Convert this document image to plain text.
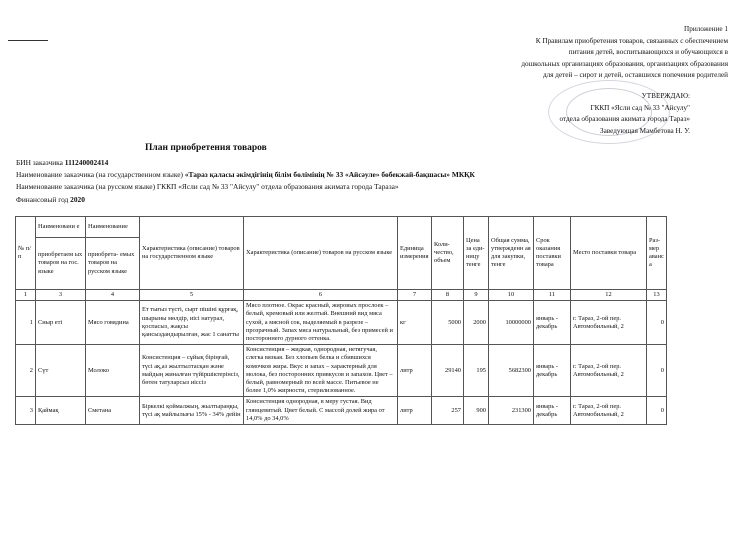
Приложение 1
К Правилам приобретения товаров, связанных с обеспечением
питания детей, воспитывающихся и обучающихся в
дошкольных организациях образования, организациях образования
для детей – сирот и детей, оставшихся попечения родителей
УТВЕРЖДАЮ:
ГККП «Ясли сад № 33 "Айсулу"
отдела образования акимата города Тараз»
Заведующая Мамбетова Н. У.
План приобретения товаров
БИН заказчика 111240002414
Наименование заказчика (на государственном языке) «Тараз қаласы әкімдігінің білім бөлімінің № 33 «Айсәуле» бөбекжай-бақшасы» МКҚК
Наименование заказчика (на русском языке) ГККП «Ясли сад № 33 "Айсулу" отдела образования акимата города Тараза»
Финансовый год 2020
№ п/п	Наименовани е	Наименование	Характеристика (описание) товаров на государственном языке	Характеристика (описание) товаров на русском языке	Единица измерения	Коли- чество, объем	Цена за еди- ницу тенге	Общая сумма, утвержденн ая для закупки, тенге	Срок оказания поставки товара	Место поставки товара	Раз- мер аванса
	приобретаем ых товаров на гос. языке	приобрета- емых товаров на русском языке									
1	3	4	5	6	7	8	9	10	11	12	13
1	Сиыр еті	Мясо говядина	Ет тығыз түсті, сырт пішіні құрғақ, шырыны мөлдір, иісі натурал, қоспасыз, жақсы қансыздандырылған, жас 1 санатты	Мясо плотное. Окрас красный, жировых прослоек – белый, кремовый или желтый. Внешний вид мяса сухой, а мясной сок, выделяемый в разрезе – прозрачный. Запах мяса натуральный, без примесей и постороннего дурного оттенка.	кг	5000	2000	10000000	январь - декабрь	г. Тараз, 2-ой пер. Автомобильный, 2	0
2	Сүт	Молоко	Консистенция – сұйық біріңғай, түсі ақ,аз жылтылтасқан және майдың жиналған түйіршіктерінсіз, бөтен татуларсыз иіссіз	Консистенция – жидкая, однородная, нетягучая, слегка вязкая. Без хлопьев белка и сбившихся комочков жира. Вкус и запах – характерный для молока, без посторонних привкусов и запахов. Цвет – белый, равномерный по всей массе. Питьевое не более 1,0% жирности, стерилизованное.	литр	29140	195	5682300	январь - декабрь	г. Тараз, 2-ой пер. Автомобильный, 2	0
3	Қаймақ	Сметана	Біркелкі қоймалжың, жылтыраңқы, түсі ақ майлылығы 15% - 34% дейін	Консистенция однородная, в меру густая. Вид глянцевитый. Цвет белый. С массой долей жира от 14,0% до 34,0%	литр	257	900	231300	январь - декабрь	г. Тараз, 2-ой пер. Автомобильный, 2	0
